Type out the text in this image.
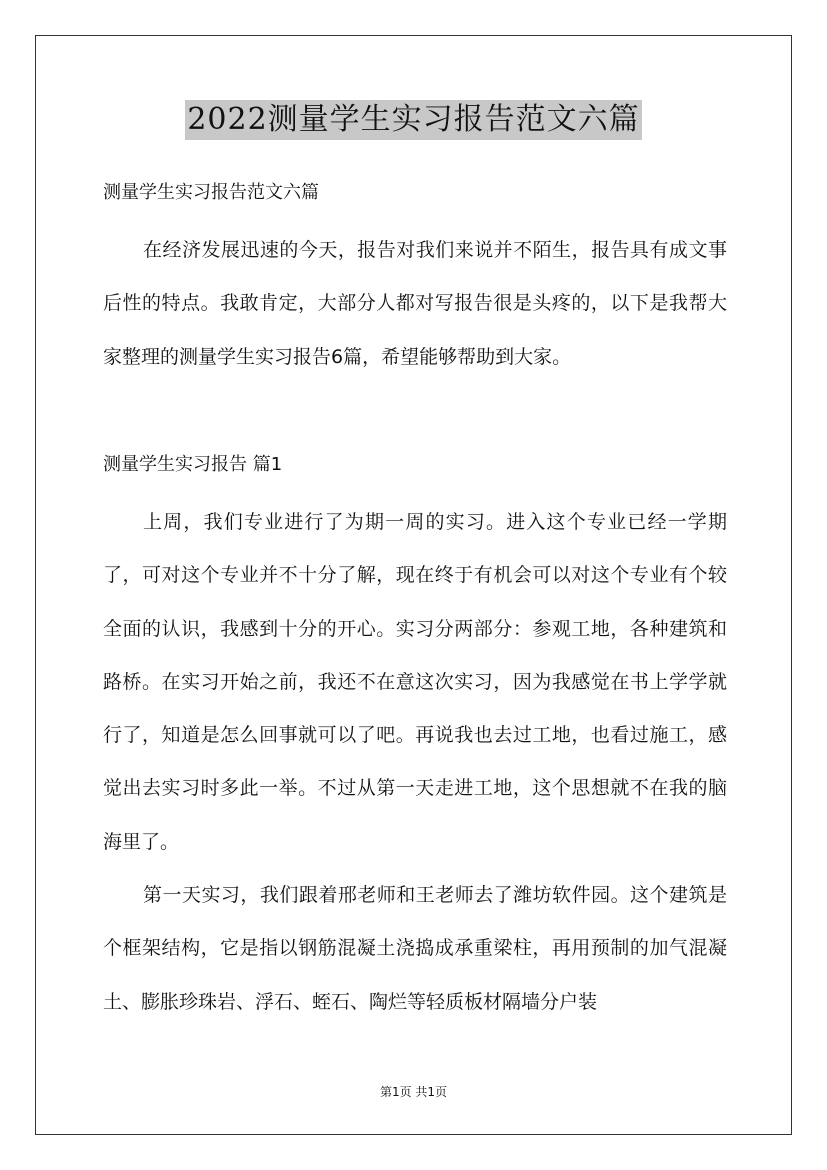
2022测量学生实习报告范文六篇
测量学生实习报告范文六篇

在经济发展迅速的今天，报告对我们来说并不陌生，报告具有成文事后性的特点。我敢肯定，大部分人都对写报告很是头疼的，以下是我帮大家整理的测量学生实习报告6篇，希望能够帮助到大家。

测量学生实习报告 篇1

上周，我们专业进行了为期一周的实习。进入这个专业已经一学期了，可对这个专业并不十分了解，现在终于有机会可以对这个专业有个较全面的认识，我感到十分的开心。实习分两部分：参观工地，各种建筑和路桥。在实习开始之前，我还不在意这次实习，因为我感觉在书上学学就行了，知道是怎么回事就可以了吧。再说我也去过工地，也看过施工，感觉出去实习时多此一举。不过从第一天走进工地，这个思想就不在我的脑海里了。

第一天实习，我们跟着邢老师和王老师去了潍坊软件园。这个建筑是个框架结构，它是指以钢筋混凝土浇捣成承重梁柱，再用预制的加气混凝土、膨胀珍珠岩、浮石、蛭石、陶烂等轻质板材隔墙分户装

第1页 共1页
